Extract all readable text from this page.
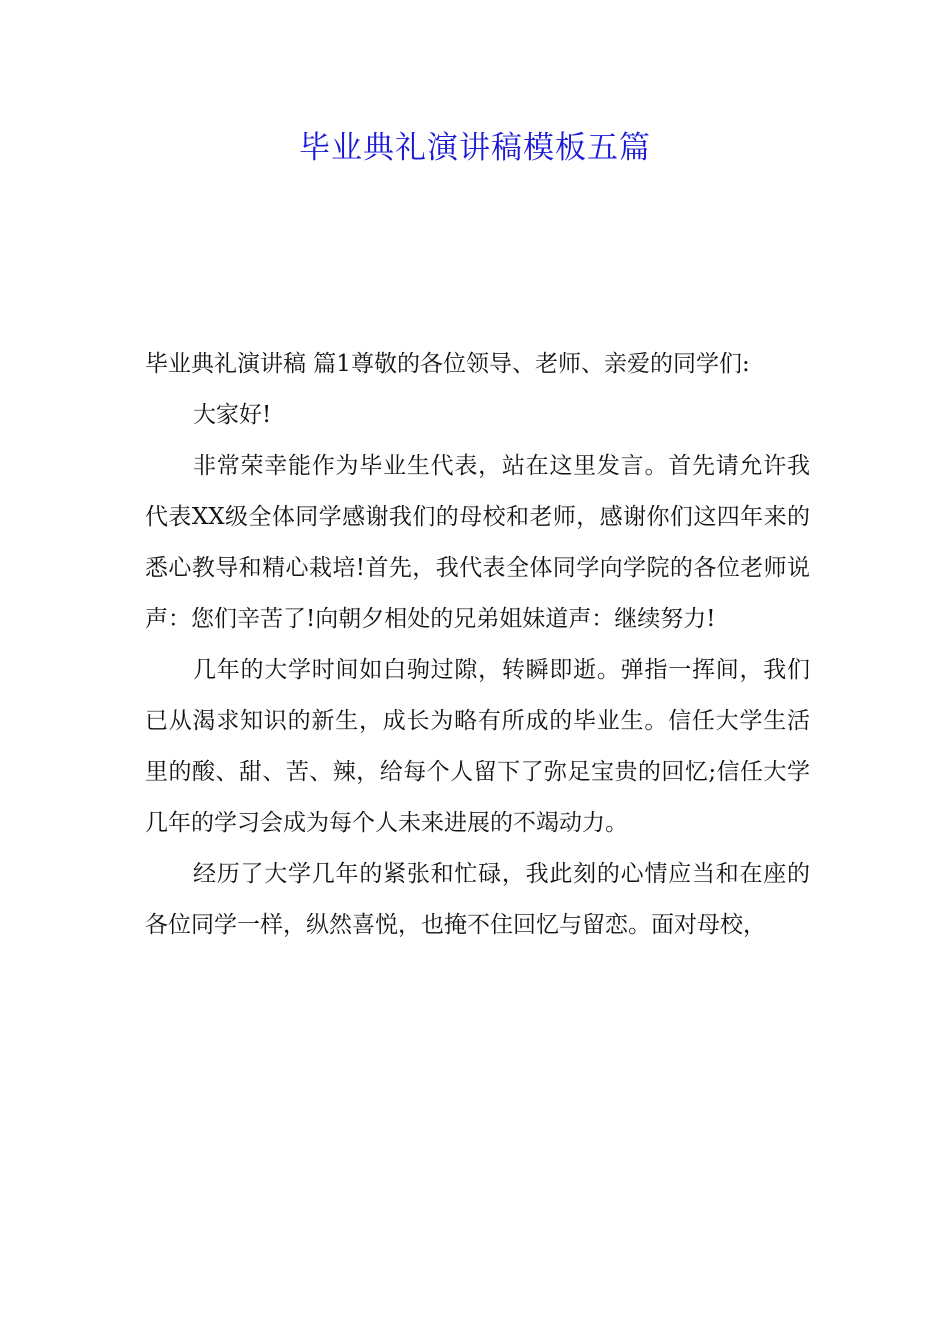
毕业典礼演讲稿模板五篇

毕业典礼演讲稿 篇1尊敬的各位领导、老师、亲爱的同学们:

大家好!

非常荣幸能作为毕业生代表，站在这里发言。首先请允许我代表XX级全体同学感谢我们的母校和老师，感谢你们这四年来的悉心教导和精心栽培!首先，我代表全体同学向学院的各位老师说声：您们辛苦了!向朝夕相处的兄弟姐妹道声：继续努力!

几年的大学时间如白驹过隙，转瞬即逝。弹指一挥间，我们已从渴求知识的新生，成长为略有所成的毕业生。信任大学生活里的酸、甜、苦、辣，给每个人留下了弥足宝贵的回忆;信任大学几年的学习会成为每个人未来进展的不竭动力。

经历了大学几年的紧张和忙碌，我此刻的心情应当和在座的各位同学一样，纵然喜悦，也掩不住回忆与留恋。面对母校，
